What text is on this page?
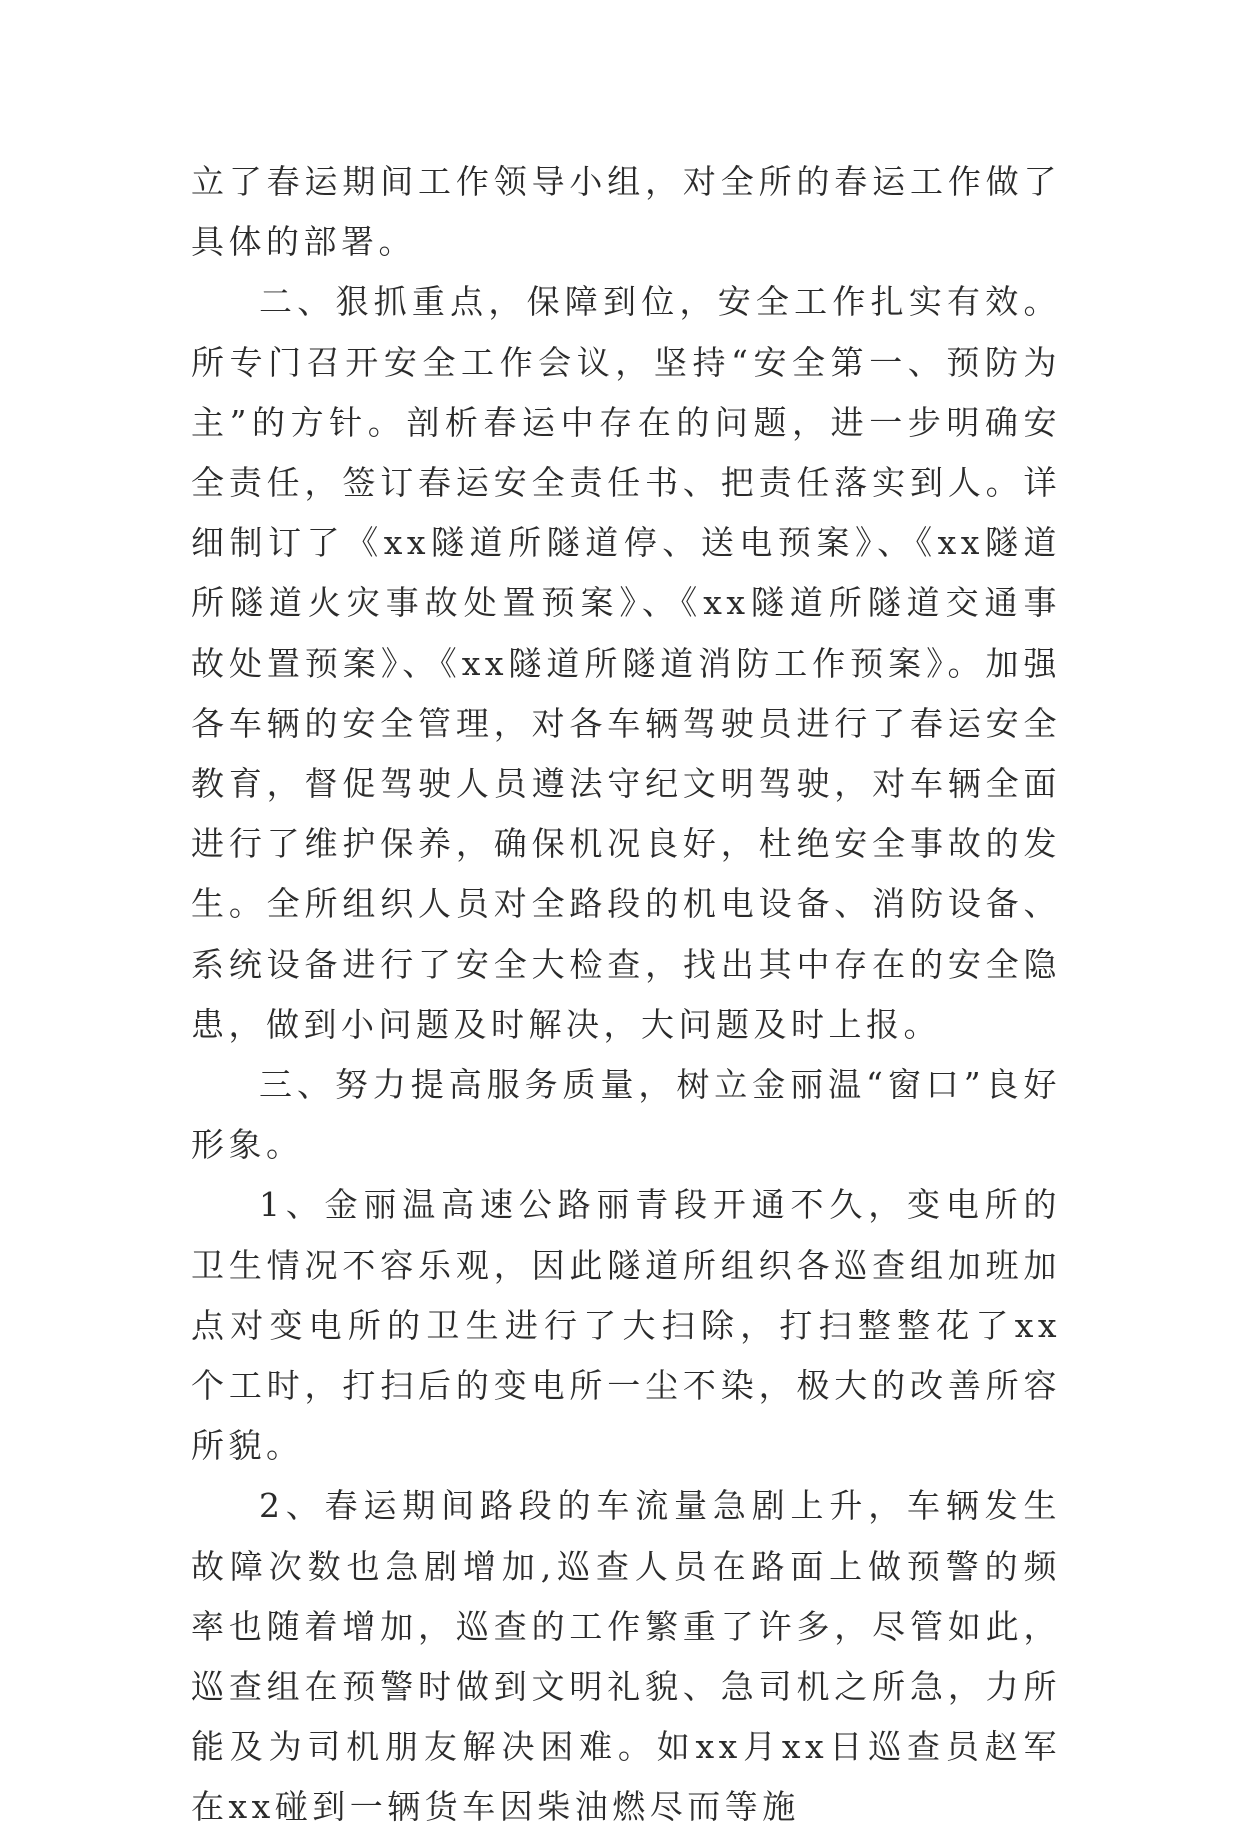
立了春运期间工作领导小组，对全所的春运工作做了具体的部署。

二、狠抓重点，保障到位，安全工作扎实有效。 所专门召开安全工作会议，坚持“安全第一、预防为主”的方针。剖析春运中存在的问题，进一步明确安全责任，签订春运安全责任书、把责任落实到人。详细制订了《xx隧道所隧道停、送电预案》、《xx隧道所隧道火灾事故处置预案》、《xx隧道所隧道交通事故处置预案》、《xx隧道所隧道消防工作预案》。加强各车辆的安全管理，对各车辆驾驶员进行了春运安全教育，督促驾驶人员遵法守纪文明驾驶，对车辆全面进行了维护保养，确保机况良好，杜绝安全事故的发生。全所组织人员对全路段的机电设备、消防设备、系统设备进行了安全大检查，找出其中存在的安全隐患，做到小问题及时解决，大问题及时上报。

三、努力提高服务质量，树立金丽温“窗口”良好形象。

1、金丽温高速公路丽青段开通不久，变电所的卫生情况不容乐观，因此隧道所组织各巡查组加班加点对变电所的卫生进行了大扫除，打扫整整花了xx个工时，打扫后的变电所一尘不染，极大的改善所容所貌。

2、春运期间路段的车流量急剧上升，车辆发生故障次数也急剧增加,巡查人员在路面上做预警的频率也随着增加，巡查的工作繁重了许多，尽管如此，巡查组在预警时做到文明礼貌、急司机之所急，力所能及为司机朋友解决困难。如xx月xx日巡查员赵军在xx碰到一辆货车因柴油燃尽而等施
